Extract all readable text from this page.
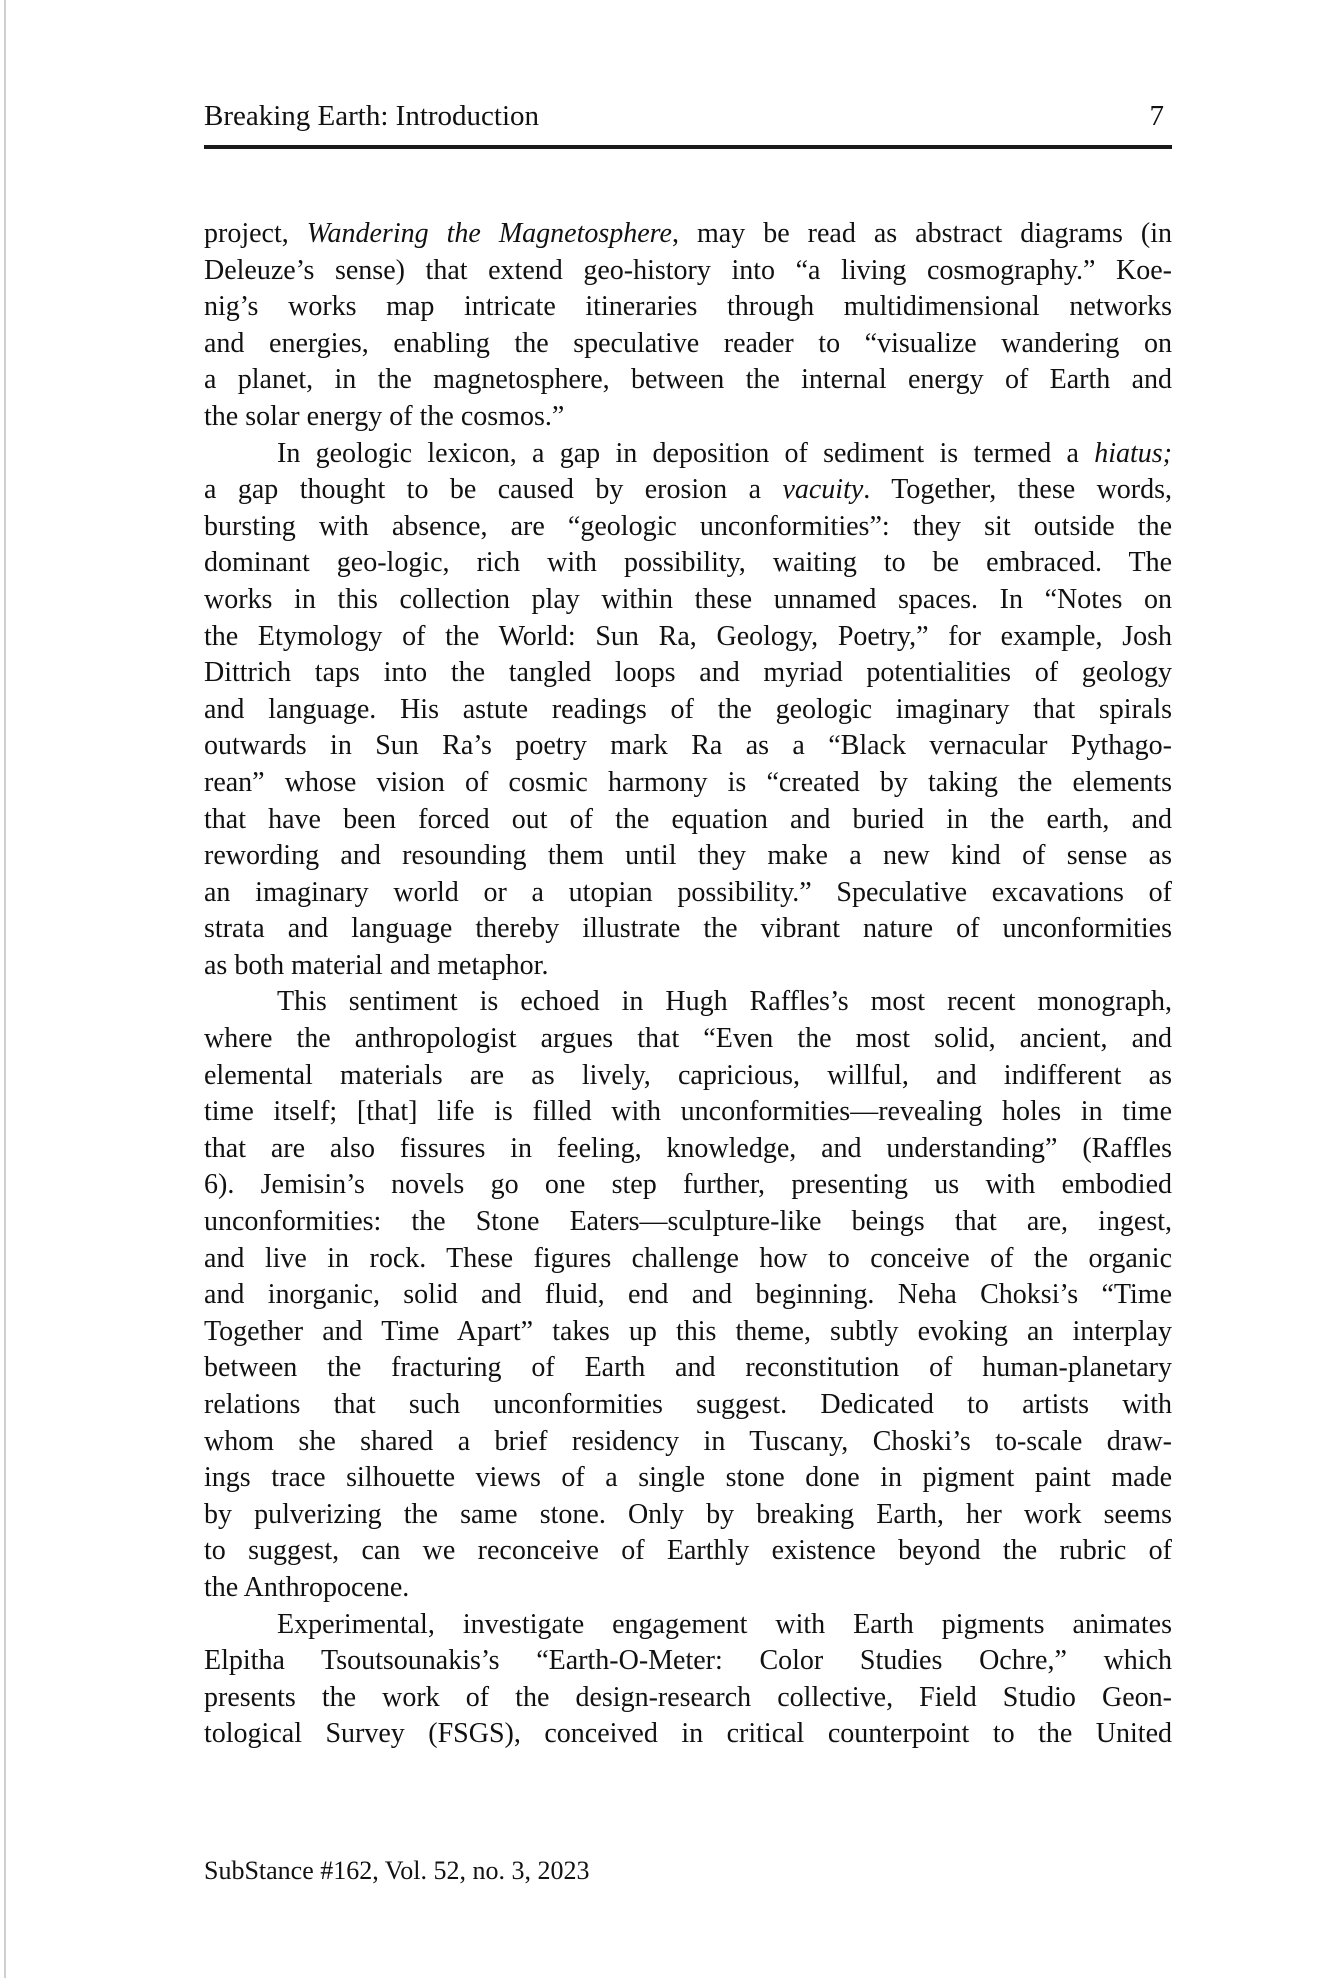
Breaking Earth: Introduction	7
project, Wandering the Magnetosphere, may be read as abstract diagrams (in
Deleuze’s sense) that extend geo-history into “a living cosmography.” Koe-
nig’s works map intricate itineraries through multidimensional networks
and energies, enabling the speculative reader to “visualize wandering on
a planet, in the magnetosphere, between the internal energy of Earth and
the solar energy of the cosmos.”
In geologic lexicon, a gap in deposition of sediment is termed a hiatus;
a gap thought to be caused by erosion a vacuity. Together, these words,
bursting with absence, are “geologic unconformities”: they sit outside the
dominant geo-logic, rich with possibility, waiting to be embraced. The
works in this collection play within these unnamed spaces. In “Notes on
the Etymology of the World: Sun Ra, Geology, Poetry,” for example, Josh
Dittrich taps into the tangled loops and myriad potentialities of geology
and language. His astute readings of the geologic imaginary that spirals
outwards in Sun Ra’s poetry mark Ra as a “Black vernacular Pythago-
rean” whose vision of cosmic harmony is “created by taking the elements
that have been forced out of the equation and buried in the earth, and
rewording and resounding them until they make a new kind of sense as
an imaginary world or a utopian possibility.” Speculative excavations of
strata and language thereby illustrate the vibrant nature of unconformities
as both material and metaphor.
This sentiment is echoed in Hugh Raffles’s most recent monograph,
where the anthropologist argues that “Even the most solid, ancient, and
elemental materials are as lively, capricious, willful, and indifferent as
time itself; [that] life is filled with unconformities—revealing holes in time
that are also fissures in feeling, knowledge, and understanding” (Raffles
6). Jemisin’s novels go one step further, presenting us with embodied
unconformities: the Stone Eaters—sculpture-like beings that are, ingest,
and live in rock. These figures challenge how to conceive of the organic
and inorganic, solid and fluid, end and beginning. Neha Choksi’s “Time
Together and Time Apart” takes up this theme, subtly evoking an interplay
between the fracturing of Earth and reconstitution of human-planetary
relations that such unconformities suggest. Dedicated to artists with
whom she shared a brief residency in Tuscany, Choski’s to-scale draw-
ings trace silhouette views of a single stone done in pigment paint made
by pulverizing the same stone. Only by breaking Earth, her work seems
to suggest, can we reconceive of Earthly existence beyond the rubric of
the Anthropocene.
Experimental, investigate engagement with Earth pigments animates
Elpitha Tsoutsounakis’s “Earth-O-Meter: Color Studies Ochre,” which
presents the work of the design-research collective, Field Studio Geon-
tological Survey (FSGS), conceived in critical counterpoint to the United
SubStance #162, Vol. 52, no. 3, 2023
